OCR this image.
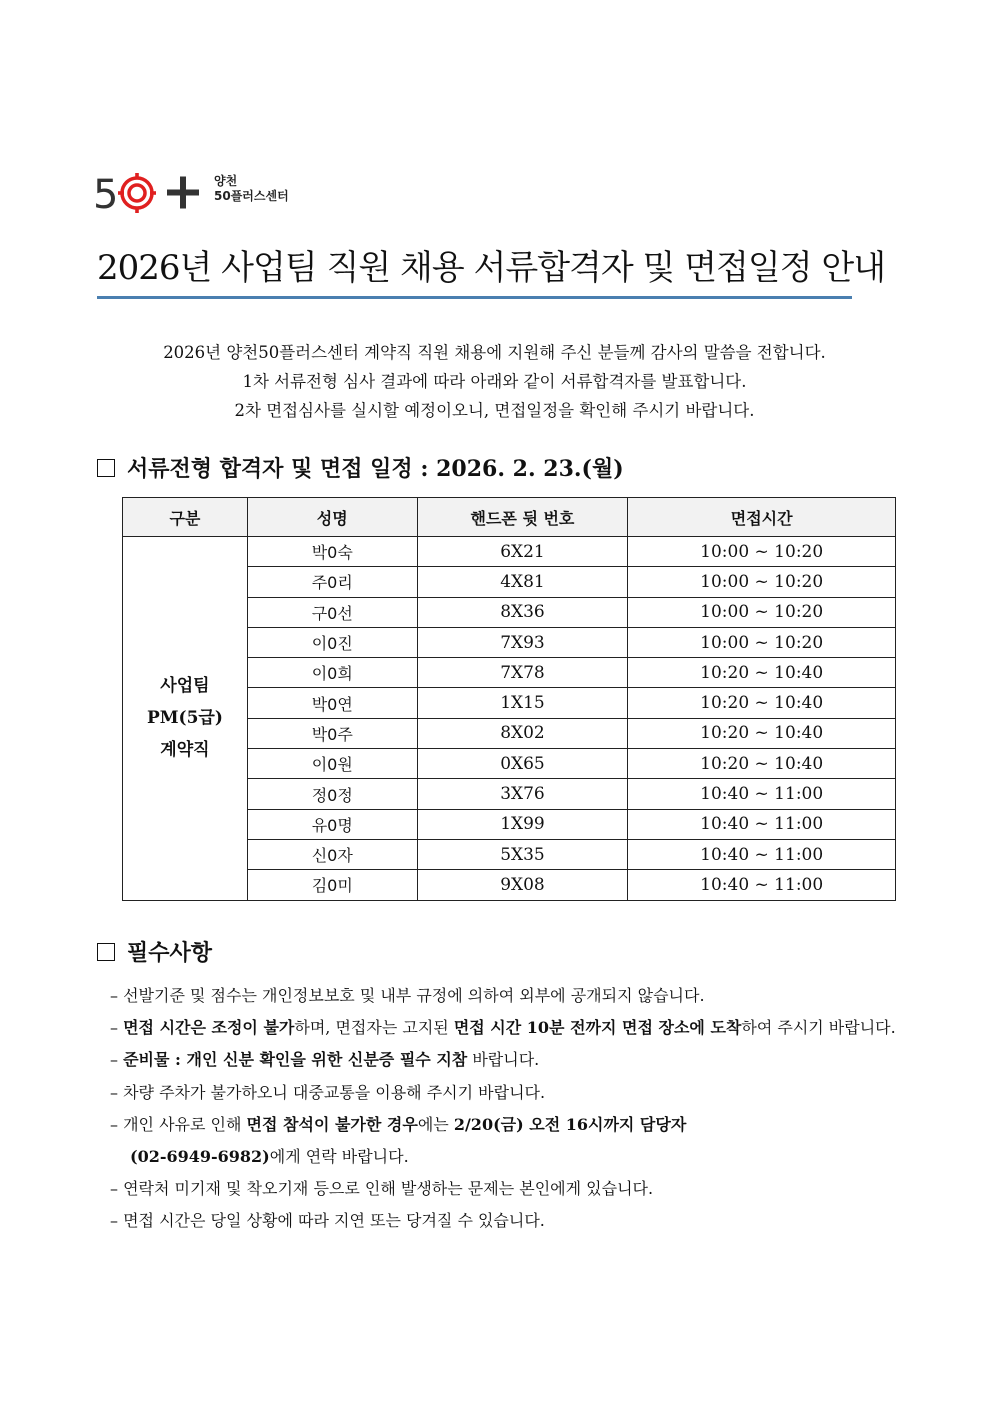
5	양천
50플러스센터
2026년 사업팀 직원 채용 서류합격자 및 면접일정 안내
2026년 양천50플러스센터 계약직 직원 채용에 지원해 주신 분들께 감사의 말씀을 전합니다.
1차 서류전형 심사 결과에 따라 아래와 같이 서류합격자를 발표합니다.
2차 면접심사를 실시할 예정이오니, 면접일정을 확인해 주시기 바랍니다.
서류전형 합격자 및 면접 일정 : 2026. 2. 23.(월)
구분	성명	핸드폰 뒷 번호	면접시간

사업팀
PM(5급)
계약직	박0숙	6X21	10:00 ~ 10:20
	주0리	4X81	10:00 ~ 10:20
	구0선	8X36	10:00 ~ 10:20
	이0진	7X93	10:00 ~ 10:20
	이0희	7X78	10:20 ~ 10:40
	박0연	1X15	10:20 ~ 10:40
	박0주	8X02	10:20 ~ 10:40
	이0원	0X65	10:20 ~ 10:40
	정0정	3X76	10:40 ~ 11:00
	유0명	1X99	10:40 ~ 11:00
	신0자	5X35	10:40 ~ 11:00
	김0미	9X08	10:40 ~ 11:00
필수사항
– 선발기준 및 점수는 개인정보보호 및 내부 규정에 의하여 외부에 공개되지 않습니다.
– 면접 시간은 조정이 불가하며, 면접자는 고지된 면접 시간 10분 전까지 면접 장소에 도착하여 주시기 바랍니다.
– 준비물 : 개인 신분 확인을 위한 신분증 필수 지참 바랍니다.
– 차량 주차가 불가하오니 대중교통을 이용해 주시기 바랍니다.
– 개인 사유로 인해 면접 참석이 불가한 경우에는 2/20(금) 오전 16시까지 담당자
(02-6949-6982)에게 연락 바랍니다.
– 연락처 미기재 및 착오기재 등으로 인해 발생하는 문제는 본인에게 있습니다.
– 면접 시간은 당일 상황에 따라 지연 또는 당겨질 수 있습니다.
